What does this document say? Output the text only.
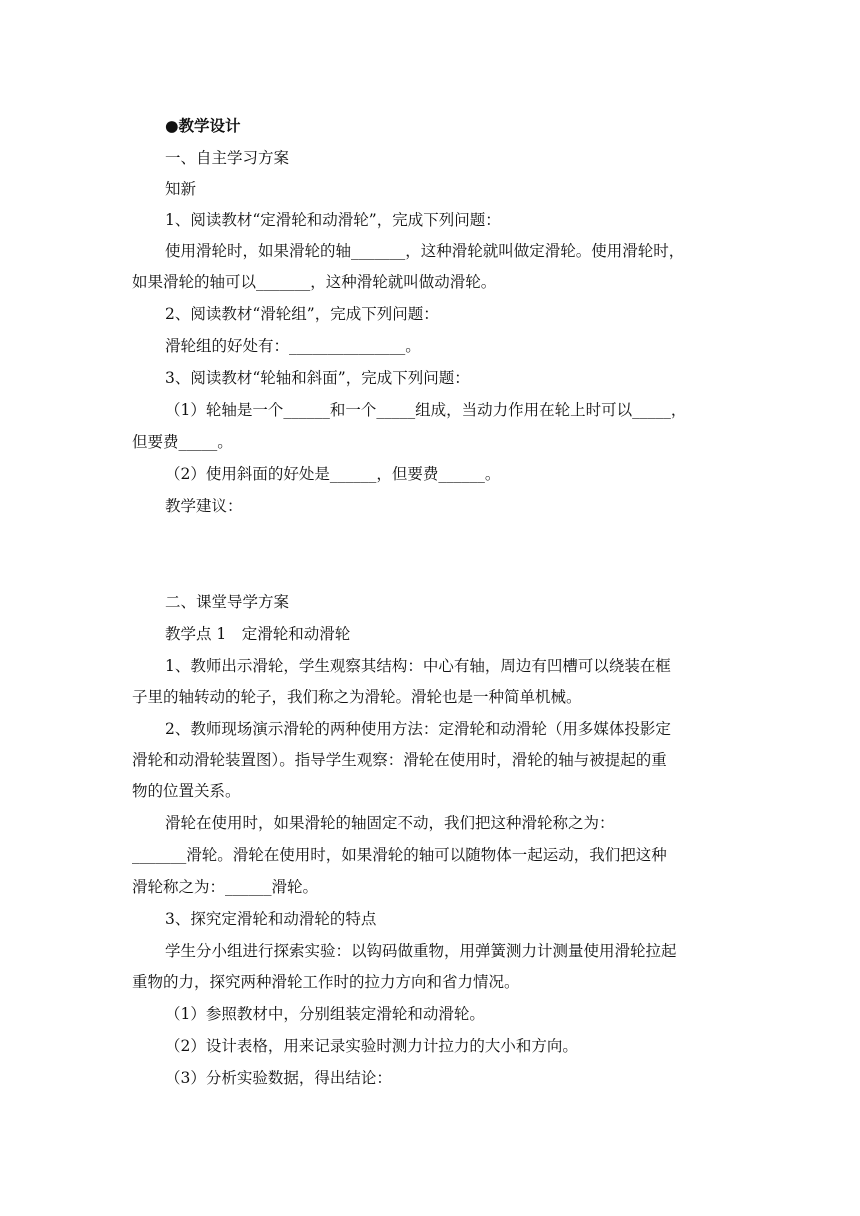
●教学设计
一、自主学习方案
知新
1、阅读教材“定滑轮和动滑轮”，完成下列问题：
使用滑轮时，如果滑轮的轴_______，这种滑轮就叫做定滑轮。使用滑轮时，
如果滑轮的轴可以_______，这种滑轮就叫做动滑轮。
2、阅读教材“滑轮组”，完成下列问题：
滑轮组的好处有：_______________。
3、阅读教材“轮轴和斜面”，完成下列问题：
（1）轮轴是一个______和一个_____组成，当动力作用在轮上时可以_____，
但要费_____。
（2）使用斜面的好处是______，但要费______。
教学建议：
二、课堂导学方案
教学点 1　定滑轮和动滑轮
1、教师出示滑轮，学生观察其结构：中心有轴，周边有凹槽可以绕装在框
子里的轴转动的轮子，我们称之为滑轮。滑轮也是一种简单机械。
2、教师现场演示滑轮的两种使用方法：定滑轮和动滑轮（用多媒体投影定
滑轮和动滑轮装置图）。指导学生观察：滑轮在使用时，滑轮的轴与被提起的重
物的位置关系。
滑轮在使用时，如果滑轮的轴固定不动，我们把这种滑轮称之为：
_______滑轮。滑轮在使用时，如果滑轮的轴可以随物体一起运动，我们把这种
滑轮称之为：______滑轮。
3、探究定滑轮和动滑轮的特点
学生分小组进行探索实验：以钩码做重物，用弹簧测力计测量使用滑轮拉起
重物的力，探究两种滑轮工作时的拉力方向和省力情况。
（1）参照教材中，分别组装定滑轮和动滑轮。
（2）设计表格，用来记录实验时测力计拉力的大小和方向。
（3）分析实验数据，得出结论：
